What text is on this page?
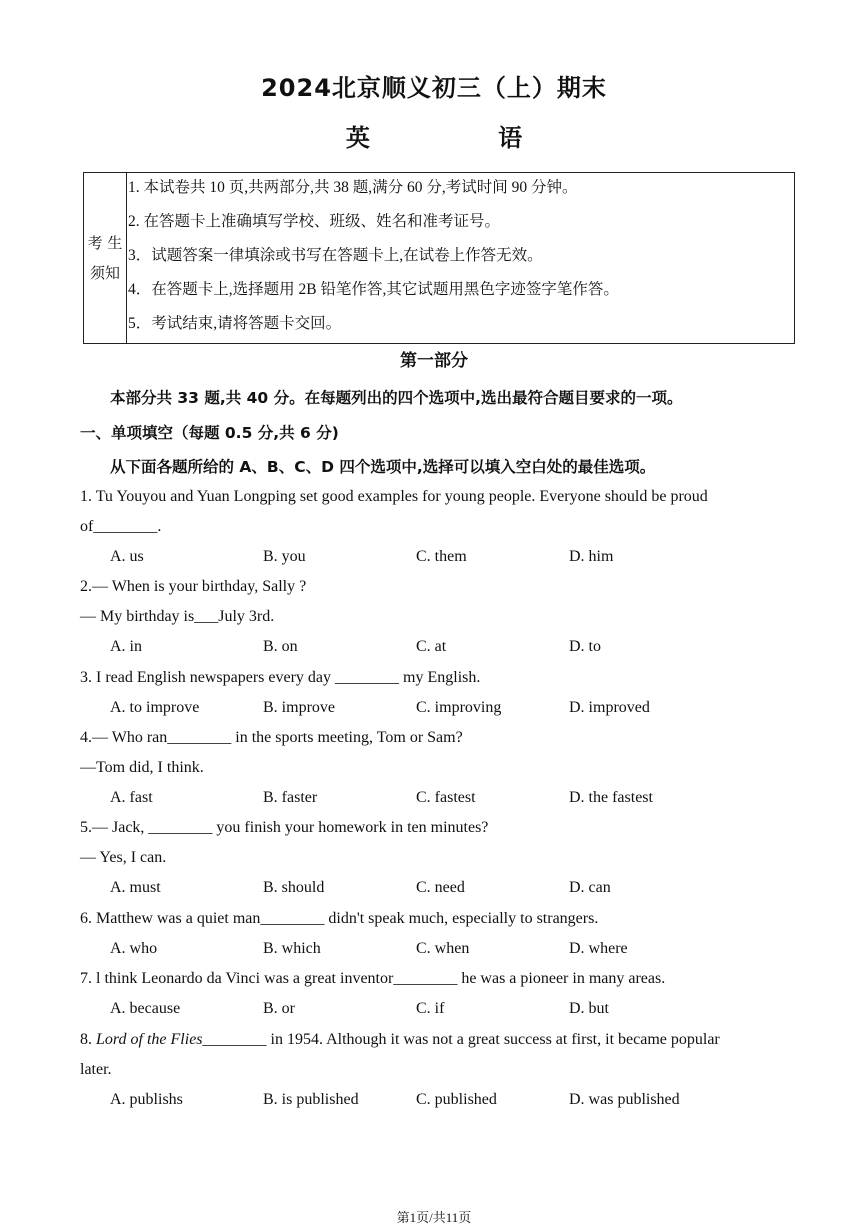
2024北京顺义初三（上）期末
英 语
考 生
须知
1. 本试卷共 10 页,共两部分,共 38 题,满分 60 分,考试时间 90 分钟。
2. 在答题卡上准确填写学校、班级、姓名和准考证号。
3．试题答案一律填涂或书写在答题卡上,在试卷上作答无效。
4．在答题卡上,选择题用 2B 铅笔作答,其它试题用黑色字迹签字笔作答。
5．考试结束,请将答题卡交回。
第一部分
本部分共 33 题,共 40 分。在每题列出的四个选项中,选出最符合题目要求的一项。
一、单项填空（每题 0.5 分,共 6 分)
从下面各题所给的 A、B、C、D 四个选项中,选择可以填入空白处的最佳选项。
1. Tu Youyou and Yuan Longping set good examples for young people. Everyone should be proud
of________.
A. us	B. you	C. them	D. him
2.— When is your birthday, Sally ?
— My birthday is___July 3rd.
A. in	B. on	C. at	D. to
3. I read English newspapers every day ________ my English.
A. to improve	B. improve	C. improving	D. improved
4.— Who ran________ in the sports meeting, Tom or Sam?
—Tom did, I think.
A. fast	B. faster	C. fastest	D. the fastest
5.— Jack, ________ you finish your homework in ten minutes?
— Yes, I can.
A. must	B. should	C. need	D. can
6. Matthew was a quiet man________ didn't speak much, especially to strangers.
A. who	B. which	C. when	D. where
7. l think Leonardo da Vinci was a great inventor________ he was a pioneer in many areas.
A. because	B. or	C. if	D. but
8. Lord of the Flies________ in 1954. Although it was not a great success at first, it became popular
later.
A. publishs	B. is published	C. published	D. was published
第1页/共11页
